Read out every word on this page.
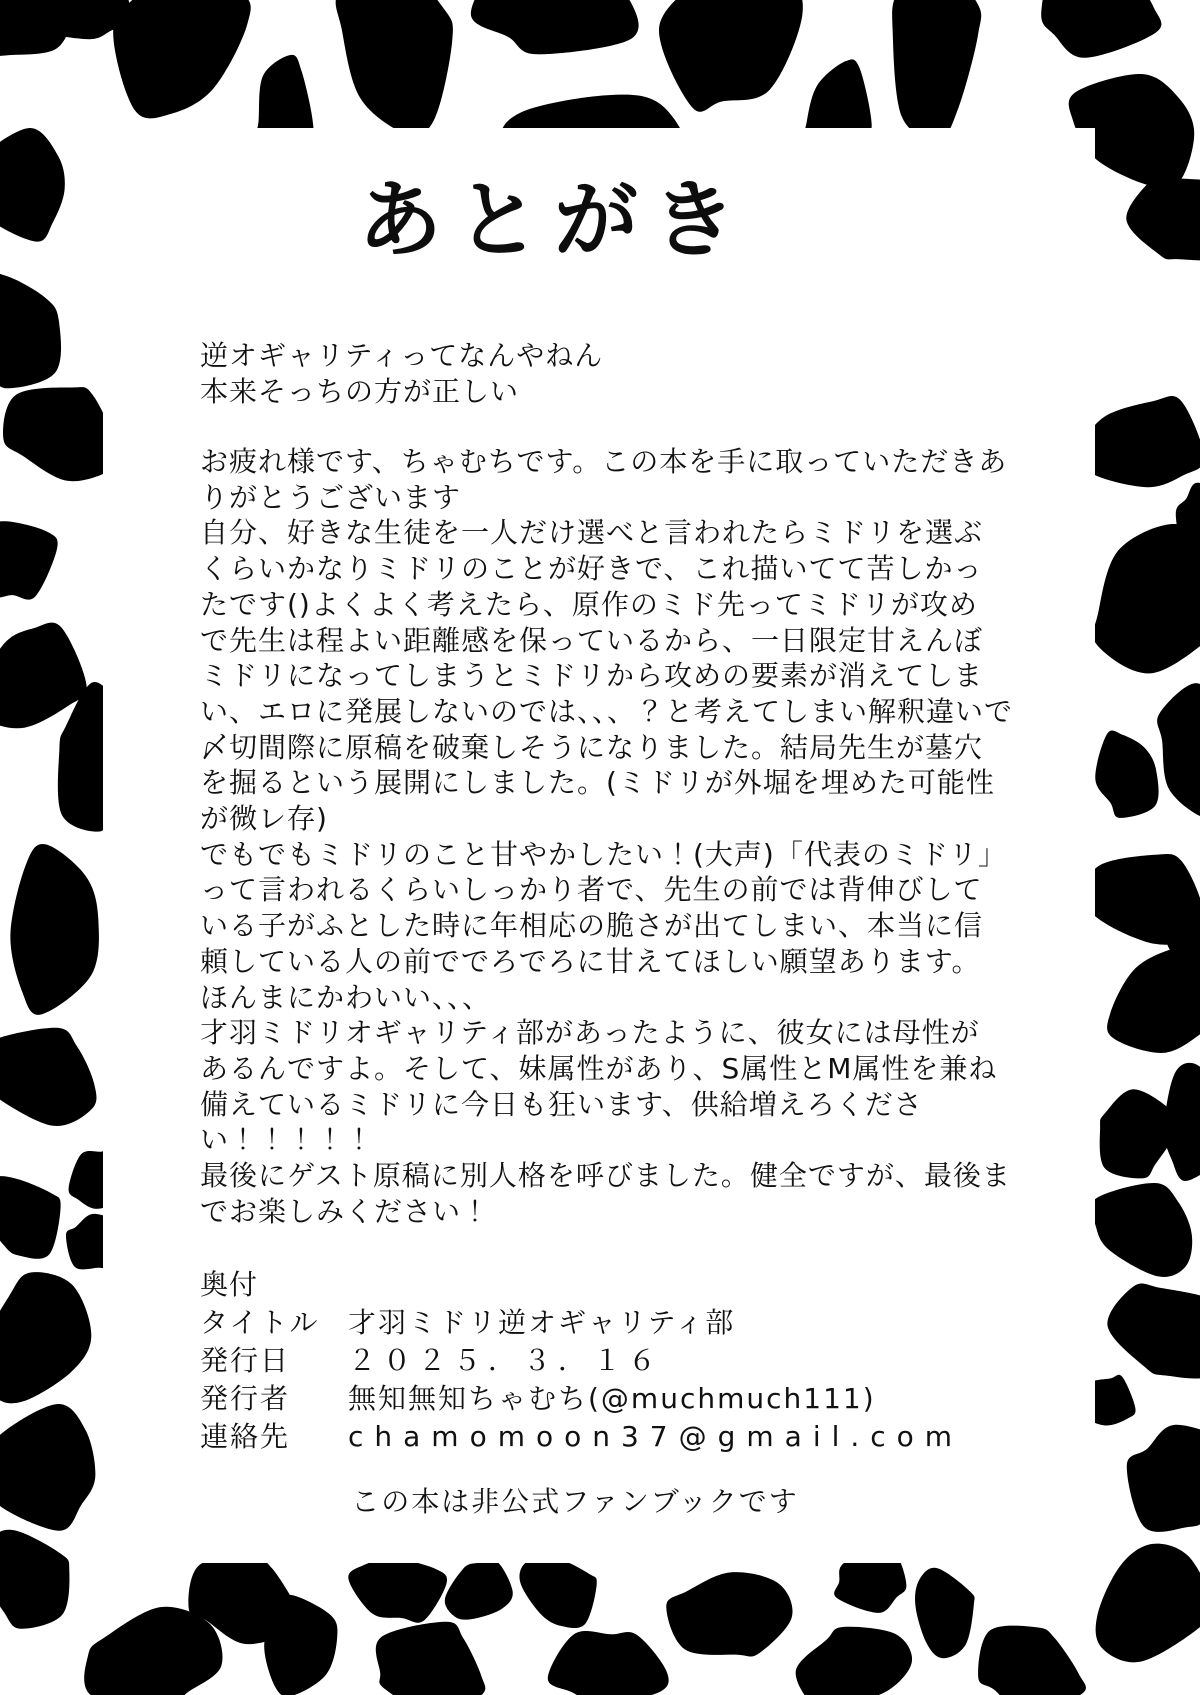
あとがき
逆オギャリティってなんやねん
本来そっちの方が正しい
お疲れ様です、ちゃむちです。この本を手に取っていただきあ
りがとうございます
自分、好きな生徒を一人だけ選べと言われたらミドリを選ぶ
くらいかなりミドリのことが好きで、これ描いてて苦しかっ
たです()よくよく考えたら、原作のミド先ってミドリが攻め
で先生は程よい距離感を保っているから、一日限定甘えんぼ
ミドリになってしまうとミドリから攻めの要素が消えてしま
い、エロに発展しないのでは、、、？と考えてしまい解釈違いで
〆切間際に原稿を破棄しそうになりました。結局先生が墓穴
を掘るという展開にしました。(ミドリが外堀を埋めた可能性
が微レ存)
でもでもミドリのこと甘やかしたい！(大声)「代表のミドリ」
って言われるくらいしっかり者で、先生の前では背伸びして
いる子がふとした時に年相応の脆さが出てしまい、本当に信
頼している人の前ででろでろに甘えてほしい願望あります。
ほんまにかわいい、、、
才羽ミドリオギャリティ部があったように、彼女には母性が
あるんですよ。そして、妹属性があり、S属性とM属性を兼ね
備えているミドリに今日も狂います、供給増えろくださ
い！！！！！
最後にゲスト原稿に別人格を呼びました。健全ですが、最後ま
でお楽しみください！
奥付
タイトル	才羽ミドリ逆オギャリティ部
発行日	２０２５．３．１６
発行者	無知無知ちゃむち(@muchmuch111)
連絡先	chamomoon37@gmail.com
この本は非公式ファンブックです
